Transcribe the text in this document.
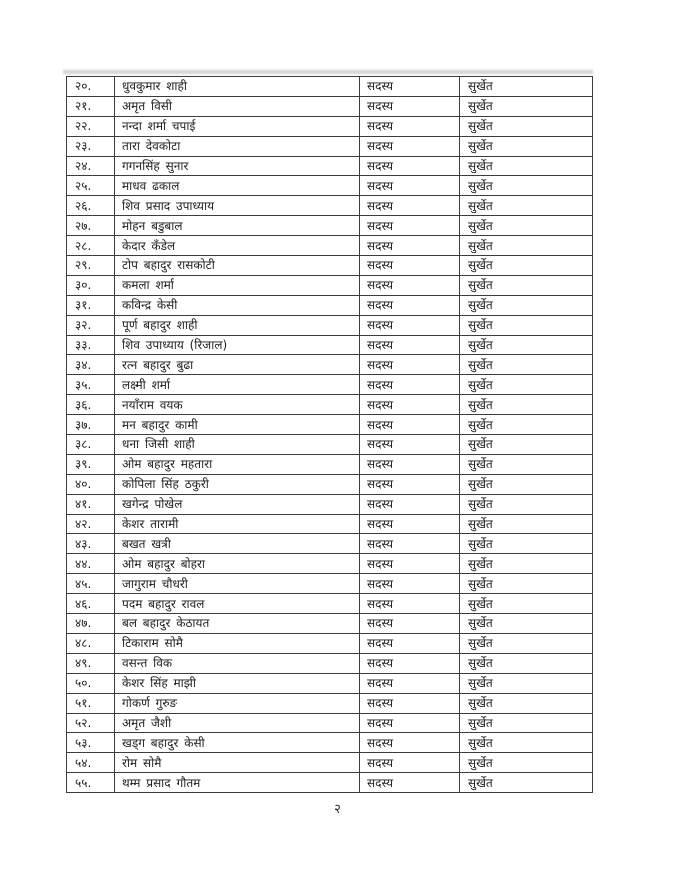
२०.	धुवकुमार शाही	सदस्य	सुर्खेत
२१.	अमृत विसी	सदस्य	सुर्खेत
२२.	नन्दा शर्मा चपाई	सदस्य	सुर्खेत
२३.	तारा देवकोटा	सदस्य	सुर्खेत
२४.	गगनसिंह सुनार	सदस्य	सुर्खेत
२५.	माधव ढकाल	सदस्य	सुर्खेत
२६.	शिव प्रसाद उपाध्याय	सदस्य	सुर्खेत
२७.	मोहन बडुबाल	सदस्य	सुर्खेत
२८.	केदार कँडेल	सदस्य	सुर्खेत
२९.	टोप बहादुर रासकोटी	सदस्य	सुर्खेत
३०.	कमला शर्मा	सदस्य	सुर्खेत
३१.	कविन्द्र केसी	सदस्य	सुर्खेत
३२.	पूर्ण बहादुर शाही	सदस्य	सुर्खेत
३३.	शिव उपाध्याय (रिजाल)	सदस्य	सुर्खेत
३४.	रत्न बहादुर बुढा	सदस्य	सुर्खेत
३५.	लक्ष्मी शर्मा	सदस्य	सुर्खेत
३६.	नयाँराम वयक	सदस्य	सुर्खेत
३७.	मन बहादुर कामी	सदस्य	सुर्खेत
३८.	धना जिसी शाही	सदस्य	सुर्खेत
३९.	ओम बहादुर महतारा	सदस्य	सुर्खेत
४०.	कोपिला सिंह ठकुरी	सदस्य	सुर्खेत
४१.	खगेन्द्र पोखेल	सदस्य	सुर्खेत
४२.	केशर तारामी	सदस्य	सुर्खेत
४३.	बखत खत्री	सदस्य	सुर्खेत
४४.	ओम बहादुर बोहरा	सदस्य	सुर्खेत
४५.	जागुराम चौधरी	सदस्य	सुर्खेत
४६.	पदम बहादुर रावल	सदस्य	सुर्खेत
४७.	बल बहादुर केठायत	सदस्य	सुर्खेत
४८.	टिकाराम सोमै	सदस्य	सुर्खेत
४९.	वसन्त विक	सदस्य	सुर्खेत
५०.	केशर सिंह माझी	सदस्य	सुर्खेत
५१.	गोकर्ण गुरुङ	सदस्य	सुर्खेत
५२.	अमृत जैशी	सदस्य	सुर्खेत
५३.	खड्ग बहादुर केसी	सदस्य	सुर्खेत
५४.	रोम सोमै	सदस्य	सुर्खेत
५५.	थम्म प्रसाद गौतम	सदस्य	सुर्खेत
२
